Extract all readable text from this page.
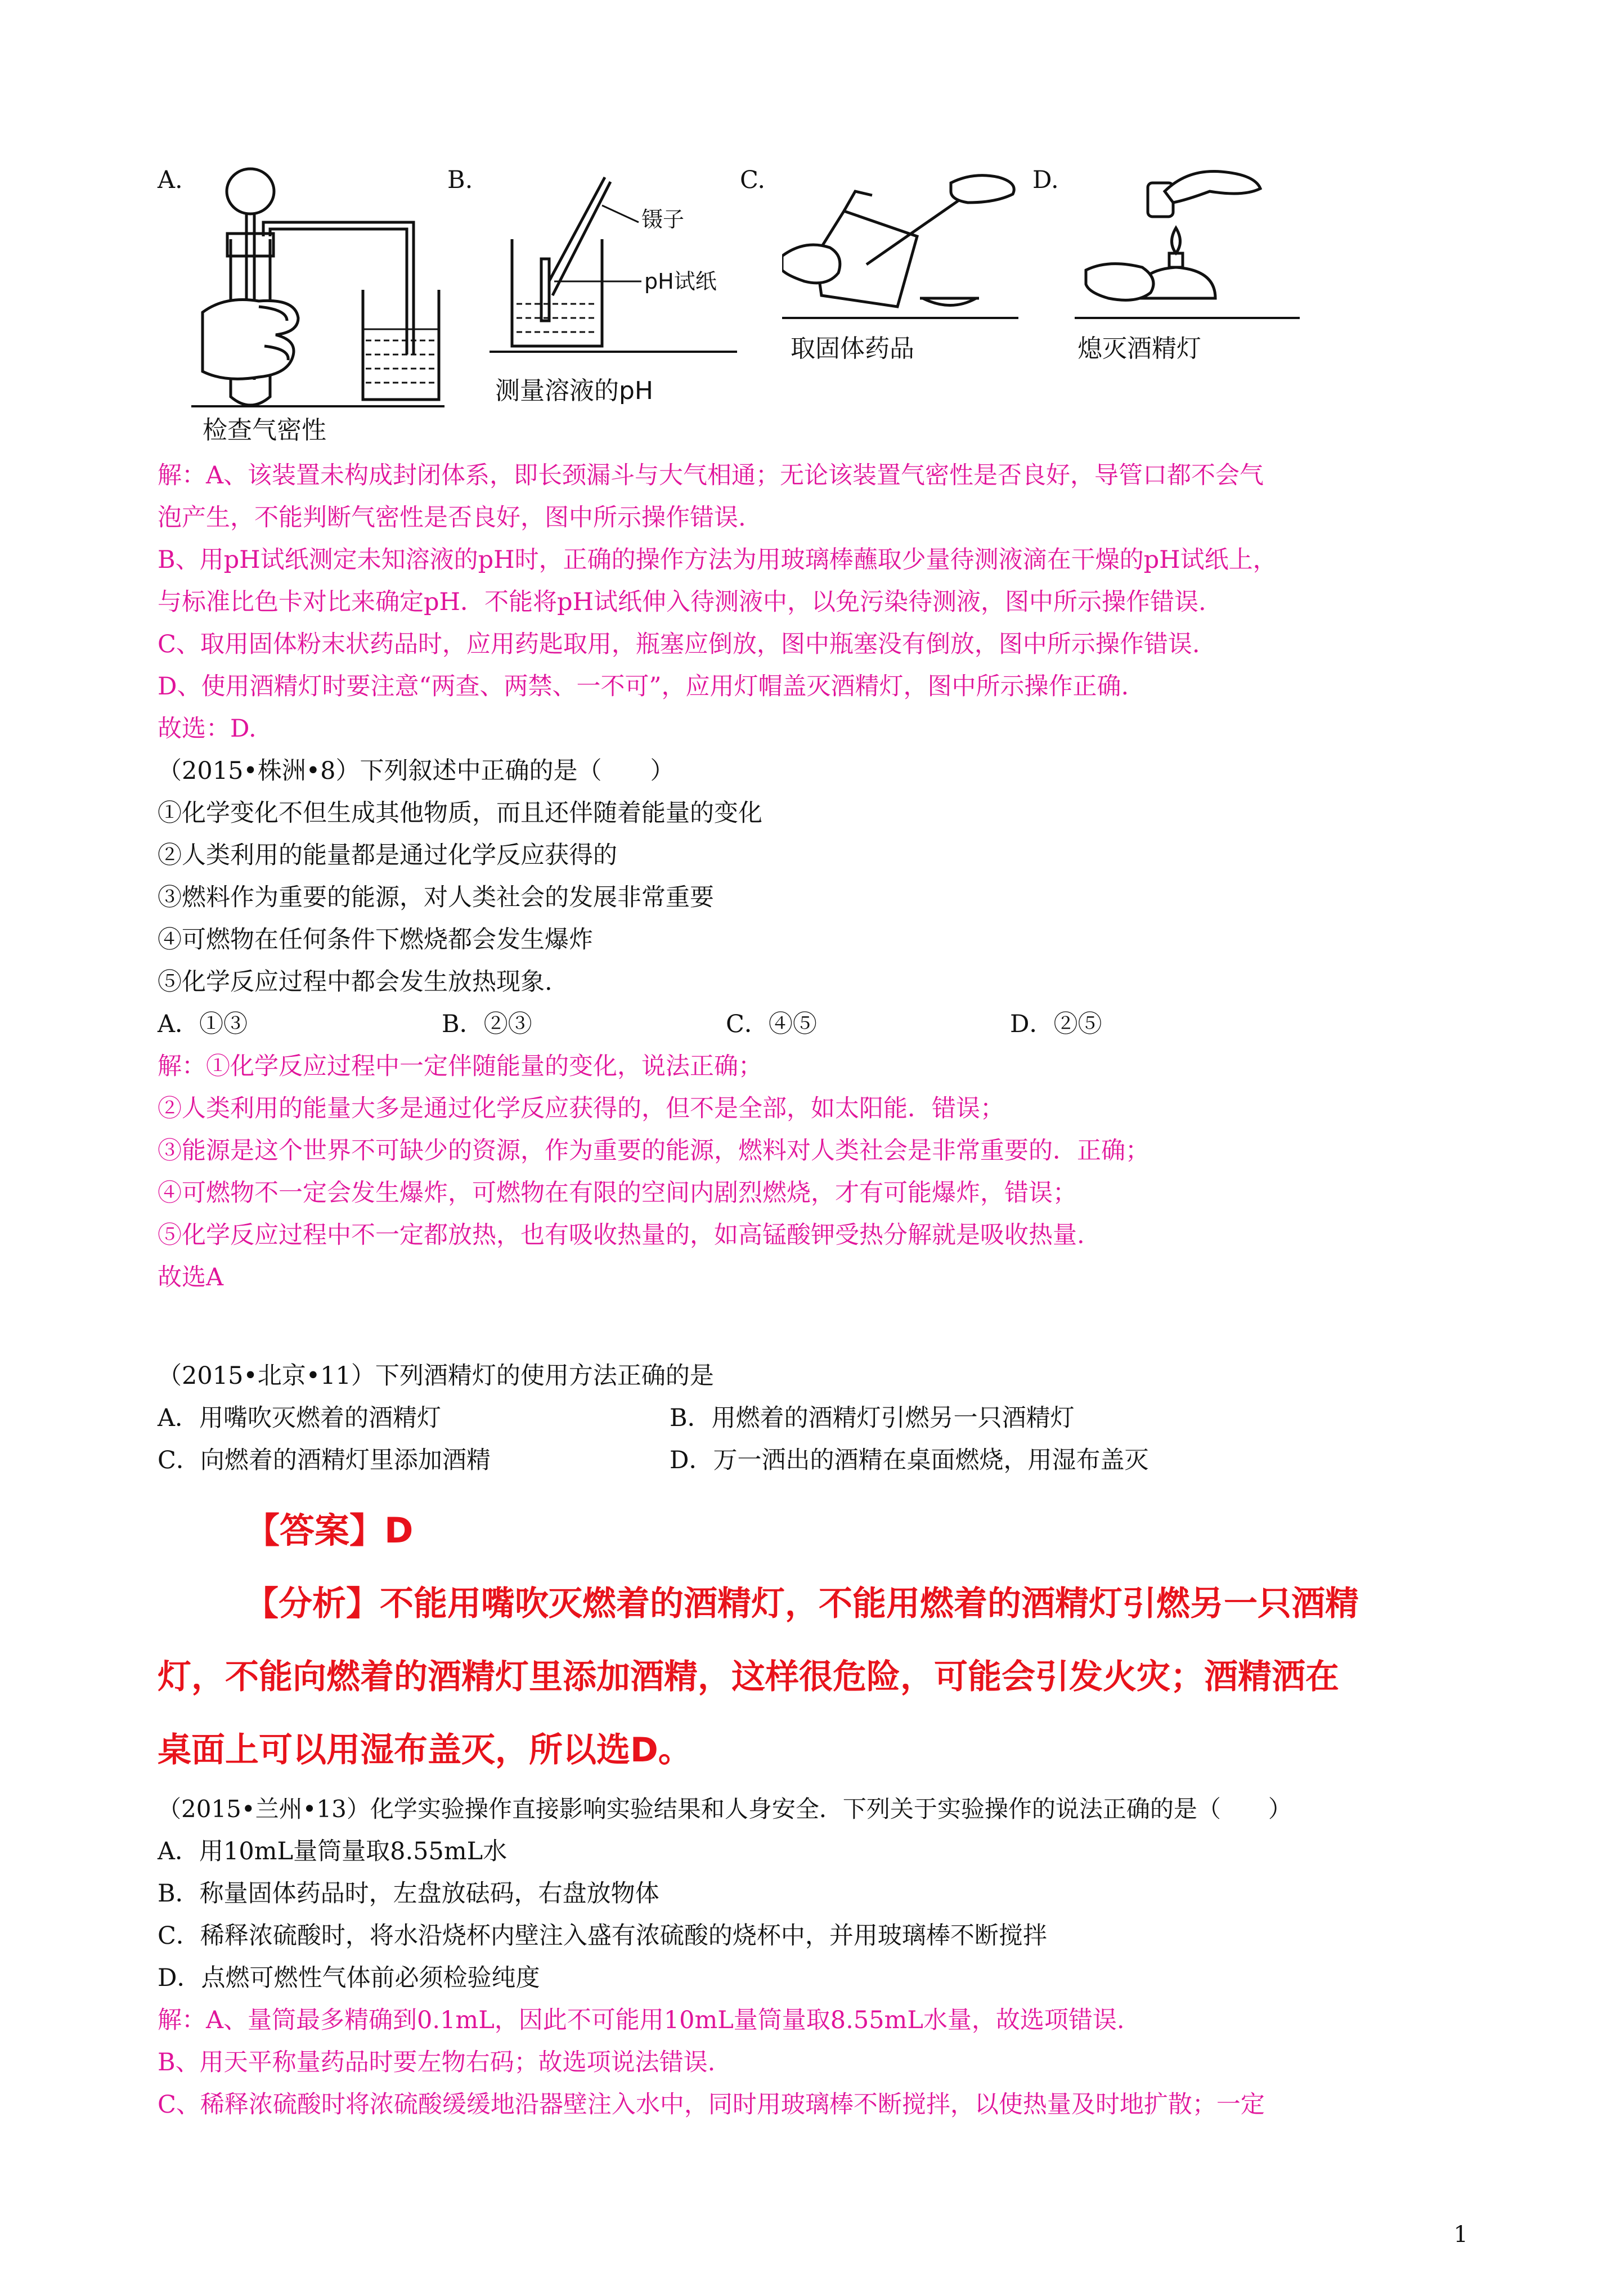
A.	B.	C.	D.
检查气密性
镊子
pH试纸
测量溶液的pH
取固体药品	熄灭酒精灯
解：A、该装置未构成封闭体系，即长颈漏斗与大气相通；无论该装置气密性是否良好，导管口都不会气
泡产生，不能判断气密性是否良好，图中所示操作错误.
B、用pH试纸测定未知溶液的pH时，正确的操作方法为用玻璃棒蘸取少量待测液滴在干燥的pH试纸上，
与标准比色卡对比来确定pH．不能将pH试纸伸入待测液中，以免污染待测液，图中所示操作错误.
C、取用固体粉末状药品时，应用药匙取用，瓶塞应倒放，图中瓶塞没有倒放，图中所示操作错误.
D、使用酒精灯时要注意“两查、两禁、一不可”，应用灯帽盖灭酒精灯，图中所示操作正确.
故选：D.
（2015•株洲•8）下列叙述中正确的是（　　）
①化学变化不但生成其他物质，而且还伴随着能量的变化
②人类利用的能量都是通过化学反应获得的
③燃料作为重要的能源，对人类社会的发展非常重要
④可燃物在任何条件下燃烧都会发生爆炸
⑤化学反应过程中都会发生放热现象.
A．①③	B．②③	C．④⑤	D．②⑤
解：①化学反应过程中一定伴随能量的变化，说法正确；
②人类利用的能量大多是通过化学反应获得的，但不是全部，如太阳能．错误；
③能源是这个世界不可缺少的资源，作为重要的能源，燃料对人类社会是非常重要的．正确；
④可燃物不一定会发生爆炸，可燃物在有限的空间内剧烈燃烧，才有可能爆炸，错误；
⑤化学反应过程中不一定都放热，也有吸收热量的，如高锰酸钾受热分解就是吸收热量.
故选A
（2015•北京•11）下列酒精灯的使用方法正确的是
A．用嘴吹灭燃着的酒精灯	B．用燃着的酒精灯引燃另一只酒精灯
C．向燃着的酒精灯里添加酒精	D．万一洒出的酒精在桌面燃烧，用湿布盖灭
【答案】D
【分析】不能用嘴吹灭燃着的酒精灯，不能用燃着的酒精灯引燃另一只酒精
灯，不能向燃着的酒精灯里添加酒精，这样很危险，可能会引发火灾；酒精洒在
桌面上可以用湿布盖灭，所以选D。
（2015•兰州•13）化学实验操作直接影响实验结果和人身安全．下列关于实验操作的说法正确的是（　　）
A．用10mL量筒量取8.55mL水
B．称量固体药品时，左盘放砝码，右盘放物体
C．稀释浓硫酸时，将水沿烧杯内壁注入盛有浓硫酸的烧杯中，并用玻璃棒不断搅拌
D．点燃可燃性气体前必须检验纯度
解：A、量筒最多精确到0.1mL，因此不可能用10mL量筒量取8.55mL水量，故选项错误.
B、用天平称量药品时要左物右码；故选项说法错误.
C、稀释浓硫酸时将浓硫酸缓缓地沿器壁注入水中，同时用玻璃棒不断搅拌，以使热量及时地扩散；一定
1
